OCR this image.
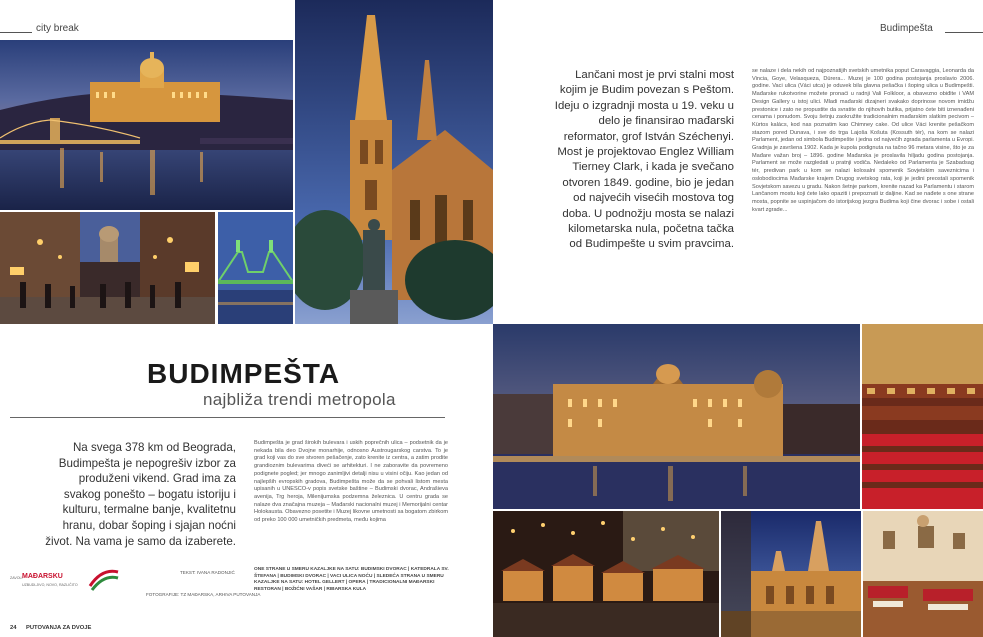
city break	Budimpešta
Lančani most je prvi stalni most kojim je Budim povezan s Peštom. Ideju o izgradnji mosta u 19. veku u delo je finansirao mađarski reformator, grof István Széchenyi. Most je projektovao Englez William Tierney Clark, i kada je svečano otvoren 1849. godine, bio je jedan od najvećih visećih mostova tog doba. U podnožju mosta se nalazi kilometarska nula, početna tačka od Budimpešte u svim pravcima.
se nalaze i dela nekih od najpoznatijih svetskih umetnika poput Caravaggia, Leonarda da Vincia, Goye, Velasqueza, Dürera... Muzej je 100 godina postojanja proslavio 2006. godine. Vaci ulica (Váci utca) je oduvek bila glavna pešačka i šoping ulica u Budimpešti. Mađarske rukotvorine možete pronaći u radnji Vali Folkloor, a obavezno obiđite i VAM Design Gallery u istoj ulici. Mladi mađarski dizajneri svakako doprinose novom imidžu prestonice i zato ne propustite da svratite do njihovih butika, prijatno ćete biti iznenađeni cenama i ponudom. Svoju šetnju zaokružite tradicionalnim mađarskim slatkim pecivom – Kürtos kalács, kod nas poznatim kao Chimney cake. Od ulice Váci krenite pešačkom stazom pored Dunava, i sve do trga Lajoša Košuta (Kossuth tér), na kom se nalazi Parlament, jedan od simbola Budimpešte i jedna od najvećih zgrada parlamenta u Evropi. Gradnja je završena 1902. Kada je kupola podignuta na tačno 96 metara visine, što je za Mađare važan broj – 1896. godine Mađarska je proslavila hiljadu godina postojanja. Parlament se može razgledati u pratnji vodiča. Nedaleko od Parlamenta je Szabadsag tér, predivan park u kom se nalazi kolosalni spomenik Sovjetskim saveznicima i oslobodiocima Mađarske krajem Drugog svetskog rata, koji je jedini preostali spomenik Sovjetskom savezu u gradu. Nakon šetnje parkom, krenite nazad ka Parlamentu i starom Lančanom mostu koji ćete lako opaziti i prepoznati iz daljine. Kad se nađete s one strane mosta, popnite se uspinjačom do istorijskog jezgra Budima koji čine dvorac i sobe i ostali kvart zgrade...
BUDIMPEŠTA
najbliža trendi metropola
Na svega 378 km od Beograda, Budimpešta je nepogrešiv izbor za produženi vikend. Grad ima za svakog ponešto – bogatu istoriju i kulturu, termalne banje, kvalitetnu hranu, dobar šoping i sjajan noćni život. Na vama je samo da izaberete.
Budimpešta je grad širokih bulevara i uskih poprečnih ulica – podsetnik da je nekada bila deo Dvojne monarhije, odnosno Austrougarskog carstva. To je grad koji vas do sve stvoren pešačenje, zato krenite iz centra, a zatim prodite grandioznim bulevarima diveći se arhitekturi. I ne zaboravite da povremeno podignete pogled; jer mnogo zanimljivi detalji nisu u visini očiju. Kao jedan od najlepših evropskih gradova, Budimpešta može da se pohvali listom mesta upisanih u UNESCO-v popis svetske baštine – Budimski dvorac, Andrašieva avenija, Trg heroja, Milenijumska podzemna železnica. U centru grada se nalaze dva značajna muzeja – Mađarski nacionalni muzej i Memorijalni centar Holokausta. Obavezno posetite i Muzej likovne umetnosti sa bogatom zbirkom od preko 100 000 umetničkih predmeta, među kojima
ZAVOLI MAĐARSKU
UZBUDLJIVO, NOVO, RAZLIČITO
TEKST: IVANA RADONJIĆ
FOTOGRAFIJE: TZ MAĐARSKA, ARHIVA PUTOVANJA
ONE STRANE U SMERU KAZALJKE NA SATU: BUDIMSKI DVORAC | KATEDRALA SV. ŠTEFANA | BUDIMSKI DVORAC | VACI ULICA NOĆU | SLEDEĆA STRANA U SMERU KAZALJKE NA SATU: HOTEL GELLERT | OPERA | TRADICIONALNI MAĐARSKI RESTORAN | BOŽIĆNI VAŠAR | RIBARSKA KULA
24 PUTOVANJA ZA DVOJE
